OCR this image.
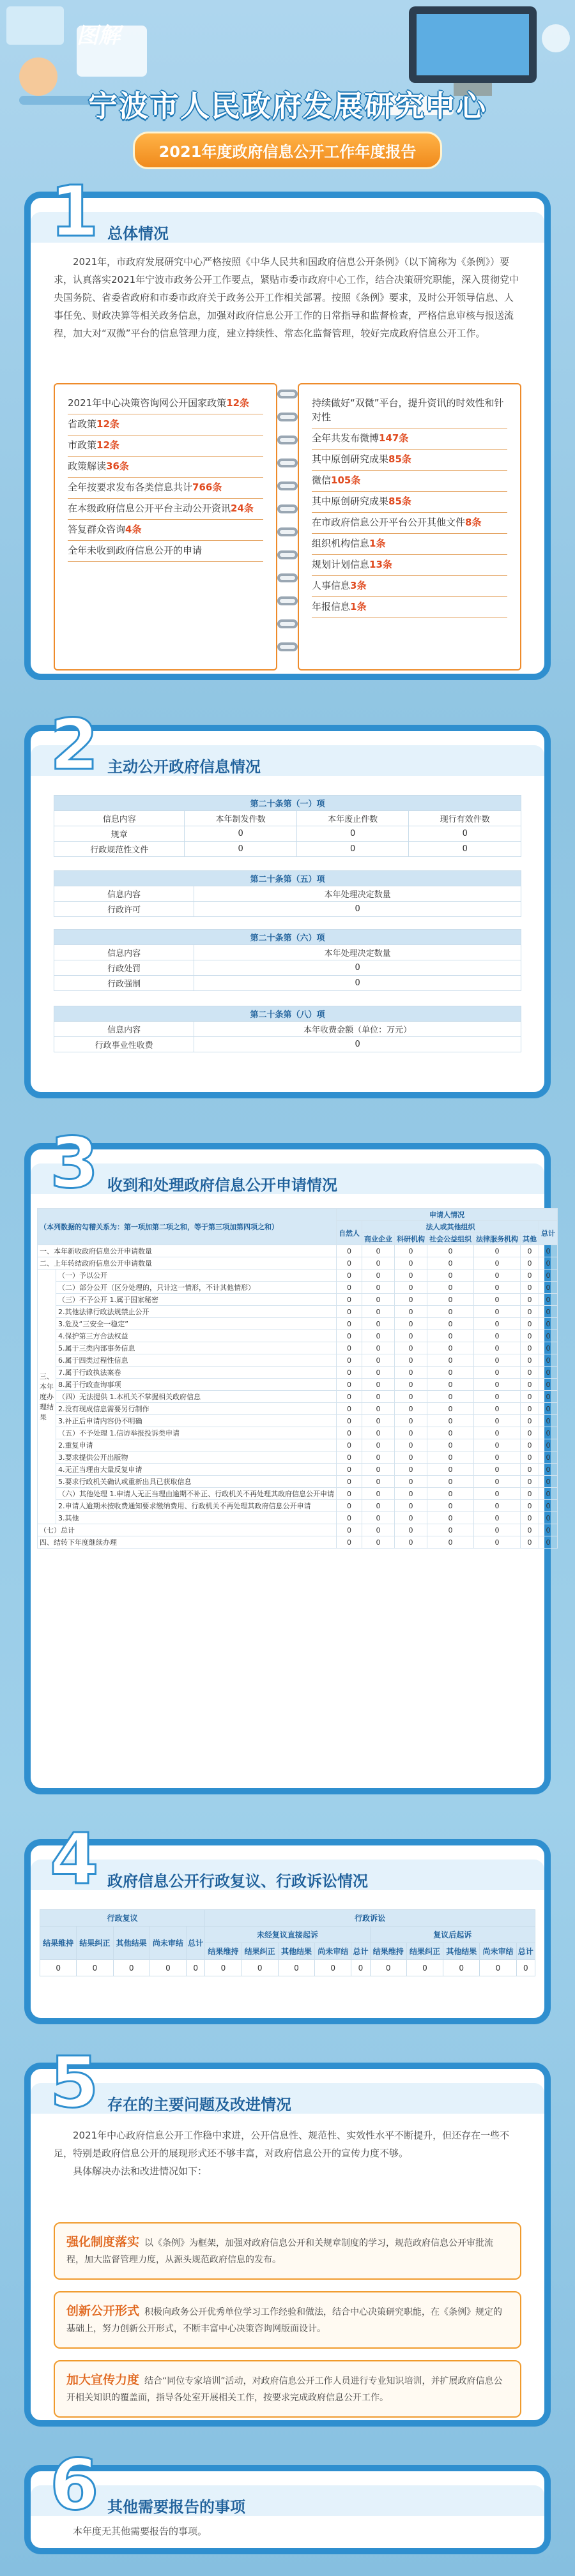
图解
宁波市人民政府发展研究中心
2021年度政府信息公开工作年度报告
1 总体情况

2021年，市政府发展研究中心严格按照《中华人民共和国政府信息公开条例》（以下简称为《条例》）要求，认真落实2021年宁波市政务公开工作要点，紧贴市委市政府中心工作，结合决策研究职能，深入贯彻党中央国务院、省委省政府和市委市政府关于政务公开工作相关部署。按照《条例》要求，及时公开领导信息、人事任免、财政决算等相关政务信息，加强对政府信息公开工作的日常指导和监督检查，严格信息审核与报送流程，加大对“双微”平台的信息管理力度，建立持续性、常态化监督管理，较好完成政府信息公开工作。

2021年中心决策咨询网公开国家政策12条
省政策12条
市政策12条
政策解读36条
全年按要求发布各类信息共计766条
在本级政府信息公开平台主动公开资讯24条
答复群众咨询4条
全年未收到政府信息公开的申请
持续做好“双微”平台，提升资讯的时效性和针对性
全年共发布微博147条
其中原创研究成果85条
微信105条
其中原创研究成果85条
在市政府信息公开平台公开其他文件8条
组织机构信息1条
规划计划信息13条
人事信息3条
年报信息1条
2 主动公开政府信息情况
第二十条第（一）项			
信息内容	本年制发件数	本年废止件数	现行有效件数
规章	0	0	0
行政规范性文件	0	0	0
第二十条第（五）项	
信息内容	本年处理决定数量
行政许可	0
第二十条第（六）项	
信息内容	本年处理决定数量
行政处罚	0
行政强制	0
第二十条第（八）项	
信息内容	本年收费金额（单位：万元）
行政事业性收费	0
3 收到和处理政府信息公开申请情况
（本列数据的勾稽关系为：第一项加第二项之和，等于第三项加第四项之和）		申请人情况						
		自然人	法人或其他组织					总计
			商业企业	科研机构	社会公益组织	法律服务机构	其他	
一、本年新收政府信息公开申请数量		0	0	0	0	0	0	0
二、上年转结政府信息公开申请数量		0	0	0	0	0	0	0
三、本年度办理结果	（一）予以公开	0	0	0	0	0	0	0
	（二）部分公开（区分处理的，只计这一情形，不计其他情形）	0	0	0	0	0	0	0
	（三）不予公开 1.属于国家秘密	0	0	0	0	0	0	0
	2.其他法律行政法规禁止公开	0	0	0	0	0	0	0
	3.危及“三安全一稳定”	0	0	0	0	0	0	0
	4.保护第三方合法权益	0	0	0	0	0	0	0
	5.属于三类内部事务信息	0	0	0	0	0	0	0
	6.属于四类过程性信息	0	0	0	0	0	0	0
	7.属于行政执法案卷	0	0	0	0	0	0	0
	8.属于行政查询事项	0	0	0	0	0	0	0
	（四）无法提供 1.本机关不掌握相关政府信息	0	0	0	0	0	0	0
	2.没有现成信息需要另行制作	0	0	0	0	0	0	0
	3.补正后申请内容仍不明确	0	0	0	0	0	0	0
	（五）不予处理 1.信访举报投诉类申请	0	0	0	0	0	0	0
	2.重复申请	0	0	0	0	0	0	0
	3.要求提供公开出版物	0	0	0	0	0	0	0
	4.无正当理由大量反复申请	0	0	0	0	0	0	0
	5.要求行政机关确认或重新出具已获取信息	0	0	0	0	0	0	0
	（六）其他处理 1.申请人无正当理由逾期不补正、行政机关不再处理其政府信息公开申请	0	0	0	0	0	0	0
	2.申请人逾期未按收费通知要求缴纳费用、行政机关不再处理其政府信息公开申请	0	0	0	0	0	0	0
	3.其他	0	0	0	0	0	0	0
（七）总计		0	0	0	0	0	0	0
四、结转下年度继续办理		0	0	0	0	0	0	0
4 政府信息公开行政复议、行政诉讼情况
行政复议					行政诉讼									
结果维持	结果纠正	其他结果	尚未审结	总计	未经复议直接起诉					复议后起诉				
					结果维持	结果纠正	其他结果	尚未审结	总计	结果维持	结果纠正	其他结果	尚未审结	总计
0	0	0	0	0	0	0	0	0	0	0	0	0	0	0
5 存在的主要问题及改进情况

2021年中心政府信息公开工作稳中求进，公开信息性、规范性、实效性水平不断提升，但还存在一些不足，特别是政府信息公开的展现形式还不够丰富，对政府信息公开的宣传力度不够。

具体解决办法和改进情况如下：

强化制度落实 以《条例》为框架，加强对政府信息公开和关规章制度的学习，规范政府信息公开审批流程，加大监督管理力度，从源头规范政府信息的发布。
创新公开形式 积极向政务公开优秀单位学习工作经验和做法，结合中心决策研究职能，在《条例》规定的基础上，努力创新公开形式，不断丰富中心决策咨询网版面设计。
加大宣传力度 结合“同位专家培训”活动，对政府信息公开工作人员进行专业知识培训，并扩展政府信息公开相关知识的覆盖面，指导各处室开展相关工作，按要求完成政府信息公开工作。
6 其他需要报告的事项

本年度无其他需要报告的事项。
